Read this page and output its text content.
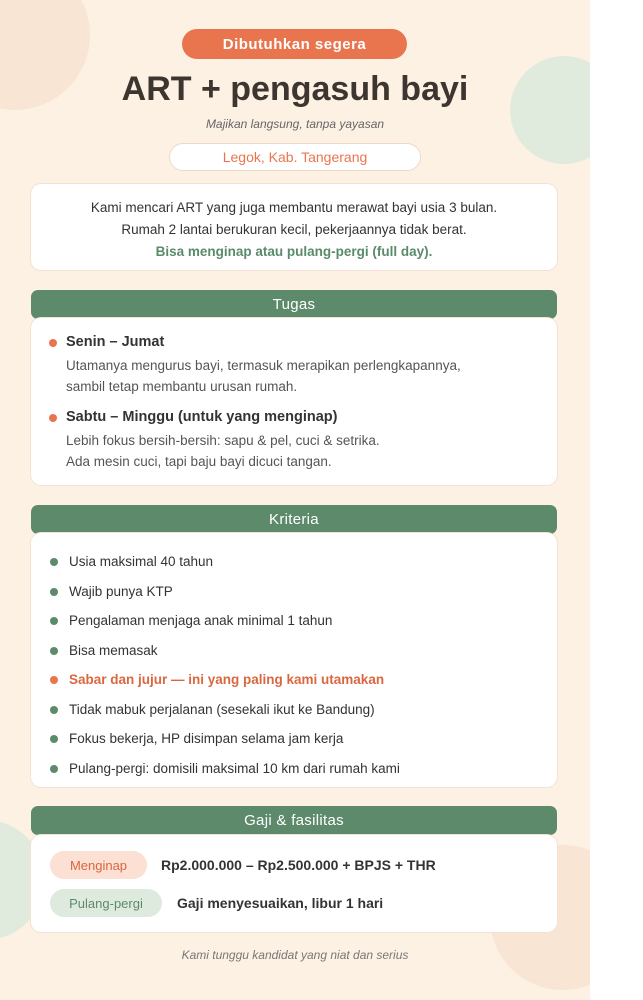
Dibutuhkan segera
ART + pengasuh bayi
Majikan langsung, tanpa yayasan
Legok, Kab. Tangerang

Kami mencari ART yang juga membantu merawat bayi usia 3 bulan.

Rumah 2 lantai berukuran kecil, pekerjaannya tidak berat.

Bisa menginap atau pulang-pergi (full day).

Tugas
Senin – Jumat

Utamanya mengurus bayi, termasuk merapikan perlengkapannya,

sambil tetap membantu urusan rumah.

Sabtu – Minggu (untuk yang menginap)

Lebih fokus bersih-bersih: sapu & pel, cuci & setrika.

Ada mesin cuci, tapi baju bayi dicuci tangan.

Kriteria
Usia maksimal 40 tahun
Wajib punya KTP
Pengalaman menjaga anak minimal 1 tahun
Bisa memasak
Sabar dan jujur — ini yang paling kami utamakan
Tidak mabuk perjalanan (sesekali ikut ke Bandung)
Fokus bekerja, HP disimpan selama jam kerja
Pulang-pergi: domisili maksimal 10 km dari rumah kami
Gaji & fasilitas
Menginap	Rp2.000.000 – Rp2.500.000 + BPJS + THR
Pulang-pergi	Gaji menyesuaikan, libur 1 hari
Kami tunggu kandidat yang niat dan serius
